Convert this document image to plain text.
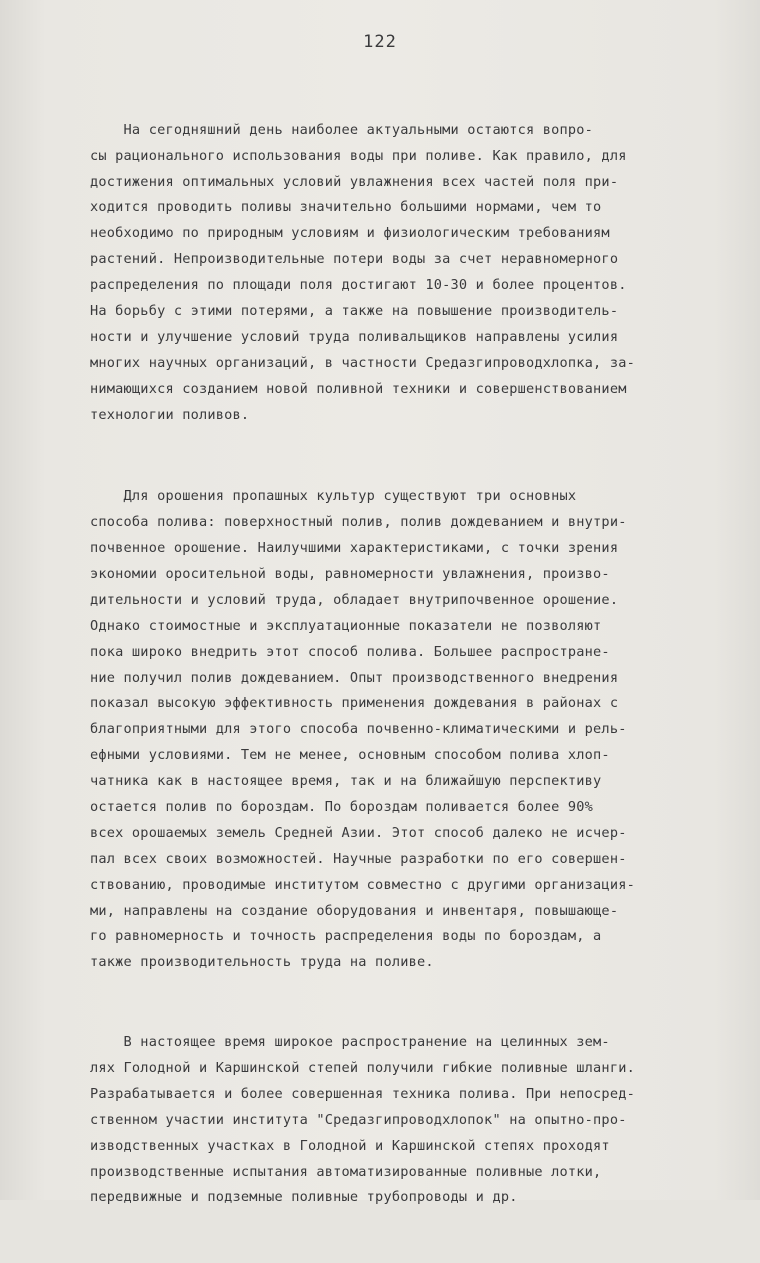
122

На сегодняшний день наиболее актуальными остаются вопро-
сы рационального использования воды при поливе. Как правило, для
достижения оптимальных условий увлажнения всех частей поля при-
ходится проводить поливы значительно большими нормами, чем то
необходимо по природным условиям и физиологическим требованиям
растений. Непроизводительные потери воды за счет неравномерного
распределения по площади поля достигают 10-30 и более процентов.
На борьбу с этими потерями, а также на повышение производитель-
ности и улучшение условий труда поливальщиков направлены усилия
многих научных организаций, в частности Средазгипроводхлопка, за-
нимающихся созданием новой поливной техники и совершенствованием
технологии поливов.

Для орошения пропашных культур существуют три основных
способа полива: поверхностный полив, полив дождеванием и внутри-
почвенное орошение. Наилучшими характеристиками, с точки зрения
экономии оросительной воды, равномерности увлажнения, произво-
дительности и условий труда, обладает внутрипочвенное орошение.
Однако стоимостные и эксплуатационные показатели не позволяют
пока широко внедрить этот способ полива. Большее распростране-
ние получил полив дождеванием. Опыт производственного внедрения
показал высокую эффективность применения дождевания в районах с
благоприятными для этого способа почвенно-климатическими и рель-
ефными условиями. Тем не менее, основным способом полива хлоп-
чатника как в настоящее время, так и на ближайшую перспективу
остается полив по бороздам. По бороздам поливается более 90%
всех орошаемых земель Средней Азии. Этот способ далеко не исчер-
пал всех своих возможностей. Научные разработки по его совершен-
ствованию, проводимые институтом совместно с другими организация-
ми, направлены на создание оборудования и инвентаря, повышающе-
го равномерность и точность распределения воды по бороздам, а
также производительность труда на поливе.

В настоящее время широкое распространение на целинных зем-
лях Голодной и Каршинской степей получили гибкие поливные шланги.
Разрабатывается и более совершенная техника полива. При непосред-
ственном участии института "Средазгипроводхлопок" на опытно-про-
изводственных участках в Голодной и Каршинской степях проходят
производственные испытания автоматизированные поливные лотки,
передвижные и подземные поливные трубопроводы и др.
